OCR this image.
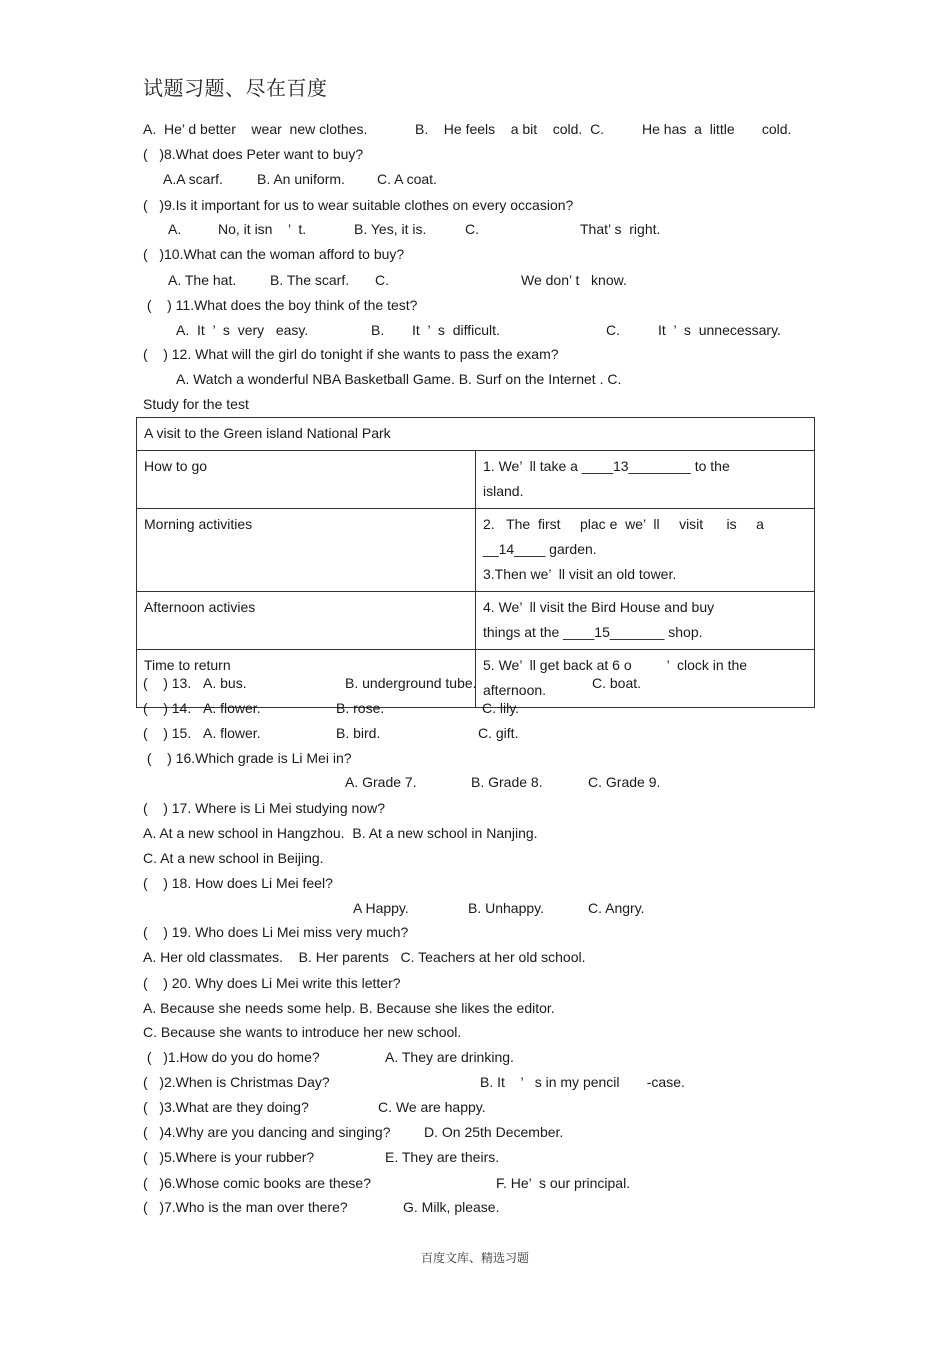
试题习题、尽在百度
A.  He’ d better    wear  new clothes.	B.    He feels    a bit    cold.  C.	He has  a  little       cold.
(   )8.What does Peter want to buy?
A.A scarf. B. An uniform. C. A coat.
(   )9.Is it important for us to wear suitable clothes on every occasion?
A.	No, it isn    ’  t.	B. Yes, it is.	C.	That’ s  right.
(   )10.What can the woman afford to buy?
A. The hat. B. The scarf. C.	We don’ t   know.
(    ) 11.What does the boy think of the test?
A.  It  ’  s  very   easy.	B. It  ’  s  difficult.	C.	It  ’  s  unnecessary.
(    ) 12. What will the girl do tonight if she wants to pass the exam?
A. Watch a wonderful NBA Basketball Game. B. Surf on the Internet . C.
Study for the test
A visit to the Green island National Park	
How to go	1. We’  ll take a ____13________ to the
island.

Morning activities	2.   The  first     plac e  we’  ll     visit      is     a
__14____ garden.
3.Then we’  ll visit an old tower.

Afternoon activies	4. We’  ll visit the Bird House and buy
things at the ____15_______ shop.

Time to return	5. We’  ll get back at 6 o         ’  clock in the
afternoon.
(    ) 13. A. bus.	B. underground tube.	C. boat.
(    ) 14. A. flower.	B. rose.	C. lily.
(    ) 15. A. flower.	B. bird.	C. gift.
(    ) 16.Which grade is Li Mei in?
A. Grade 7.	B. Grade 8.	C. Grade 9.
(    ) 17. Where is Li Mei studying now?
A. At a new school in Hangzhou.  B. At a new school in Nanjing.
C. At a new school in Beijing.
(    ) 18. How does Li Mei feel?
A Happy.	B. Unhappy.	C. Angry.
(    ) 19. Who does Li Mei miss very much?
A. Her old classmates.    B. Her parents   C. Teachers at her old school.
(    ) 20. Why does Li Mei write this letter?
A. Because she needs some help. B. Because she likes the editor.
C. Because she wants to introduce her new school.
(   )1.How do you do home?	A. They are drinking.
(   )2.When is Christmas Day?	B. It    ’   s in my pencil       -case.
(   )3.What are they doing?	C. We are happy.
(   )4.Why are you dancing and singing? D. On 25th December.
(   )5.Where is your rubber?	E. They are theirs.
(   )6.Whose comic books are these?	F. He’  s our principal.
(   )7.Who is the man over there?	G. Milk, please.
百度文库、精选习题
